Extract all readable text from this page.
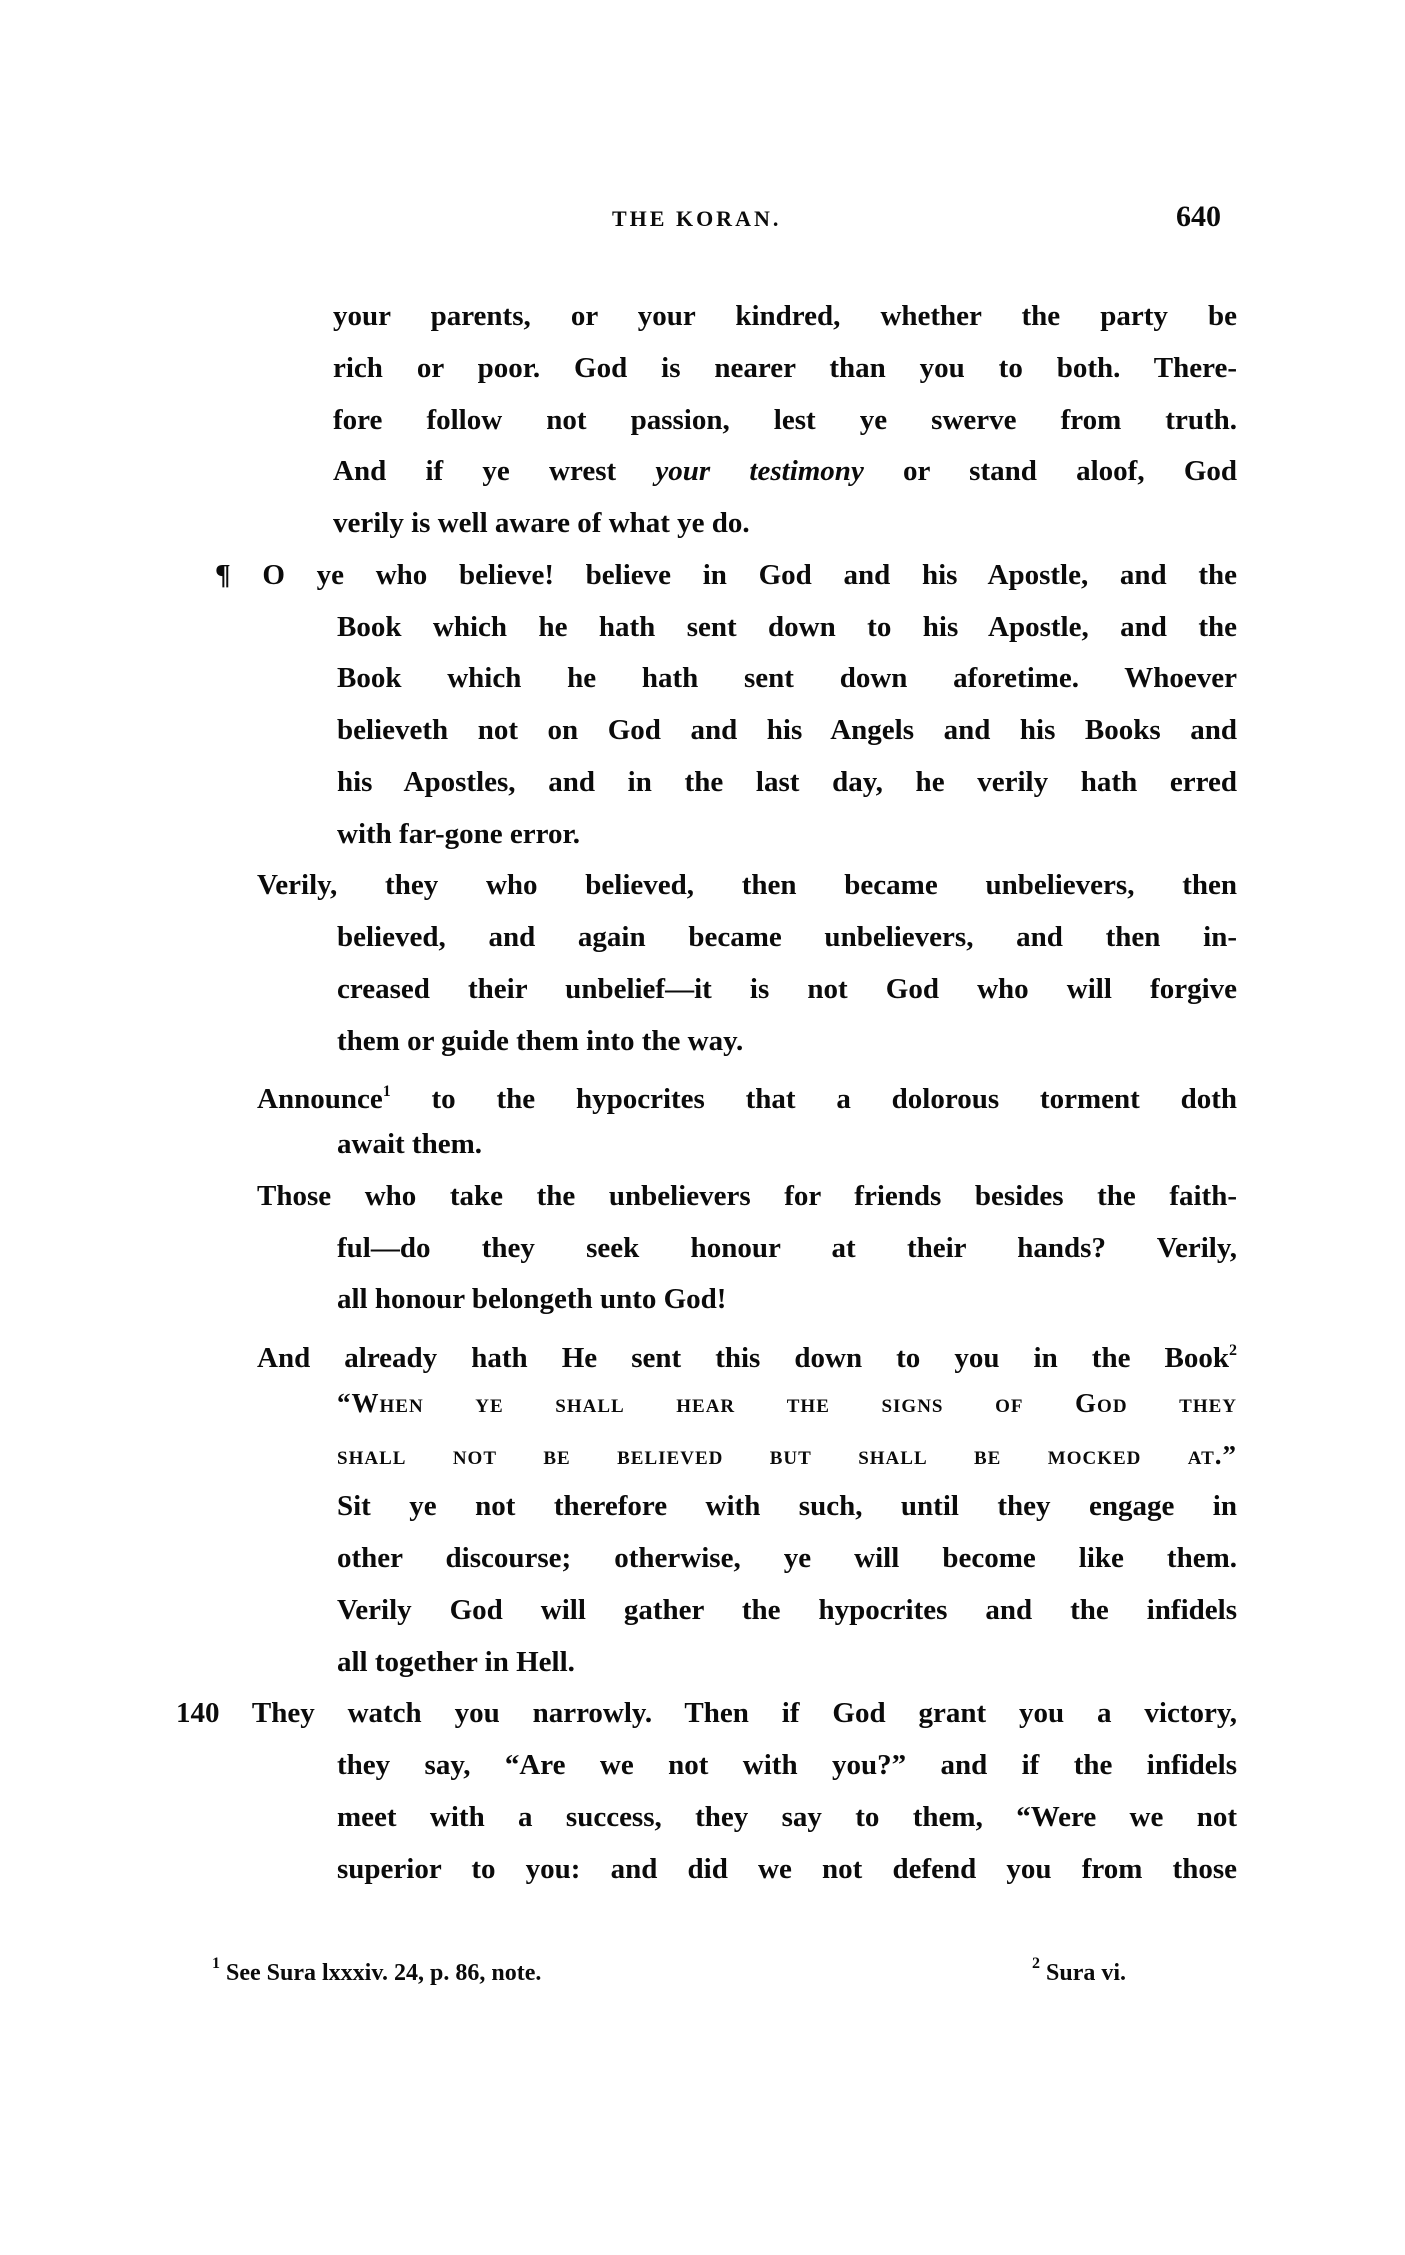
THE KORAN.	640
your parents, or your kindred, whether the party be
rich or poor. God is nearer than you to both. There-
fore follow not passion, lest ye swerve from truth.
And if ye wrest your testimony or stand aloof, God
verily is well aware of what ye do.
¶ O ye who believe! believe in God and his Apostle, and the
Book which he hath sent down to his Apostle, and the
Book which he hath sent down aforetime. Whoever
believeth not on God and his Angels and his Books and
his Apostles, and in the last day, he verily hath erred
with far-gone error.
Verily, they who believed, then became unbelievers, then
believed, and again became unbelievers, and then in-
creased their unbelief—it is not God who will forgive
them or guide them into the way.
Announce$^1$ to the hypocrites that a dolorous torment doth
await them.
Those who take the unbelievers for friends besides the faith-
ful—do they seek honour at their hands? Verily,
all honour belongeth unto God!
And already hath He sent this down to you in the Book$^2$
“When ye shall hear the signs of God they
shall not be believed but shall be mocked at.”
Sit ye not therefore with such, until they engage in
other discourse; otherwise, ye will become like them.
Verily God will gather the hypocrites and the infidels
all together in Hell.
140 They watch you narrowly. Then if God grant you a victory,
they say, “Are we not with you?” and if the infidels
meet with a success, they say to them, “Were we not
superior to you: and did we not defend you from those
$^1$ See Sura lxxxiv. 24, p. 86, note.	$^2$ Sura vi.
